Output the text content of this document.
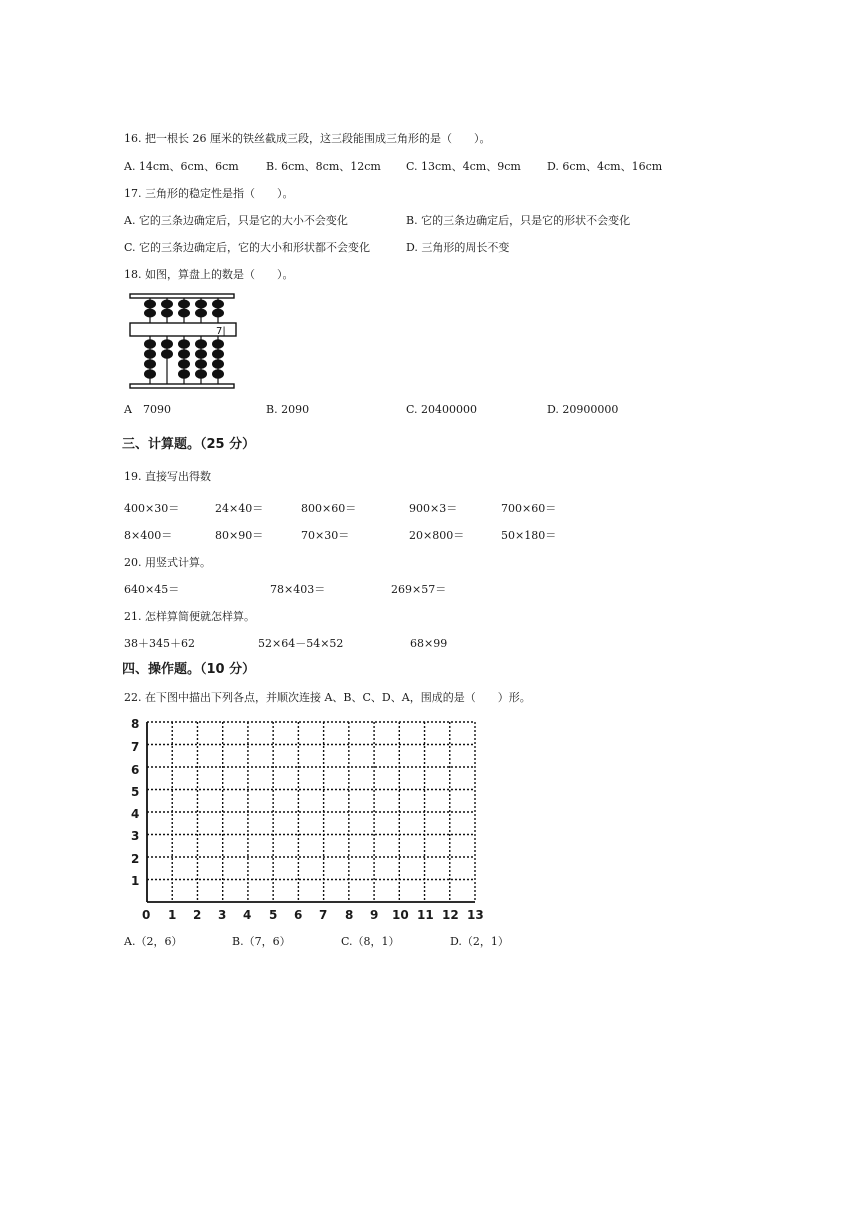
16. 把一根长 26 厘米的铁丝截成三段，这三段能围成三角形的是（　　）。
A. 14cm、6cm、6cm B. 6cm、8cm、12cm C. 13cm、4cm、9cm D. 6cm、4cm、16cm
17. 三角形的稳定性是指（　　）。
A. 它的三条边确定后，只是它的大小不会变化	B. 它的三条边确定后，只是它的形状不会变化
C. 它的三条边确定后，它的大小和形状都不会变化	D. 三角形的周长不变
18. 如图，算盘上的数是（　　）。
7|
A　7090	B. 2090	C. 20400000	D. 20900000
三、计算题。（25 分）
19. 直接写出得数
400×30＝	24×40＝	800×60＝	900×3＝	700×60＝
8×400＝	80×90＝	70×30＝	20×800＝	50×180＝
20. 用竖式计算。
640×45＝	78×403＝	269×57＝
21. 怎样算简便就怎样算。
38＋345＋62	52×64－54×52	68×99
四、操作题。（10 分）
22. 在下图中描出下列各点，并顺次连接 A、B、C、D、A，围成的是（　　）形。
8
7
6
5
4
3
2
1
0 1 2 3 4 5 6 7 8 9 10 11 12 13
A.（2，6）	B.（7，6）	C.（8，1）	D.（2，1）
